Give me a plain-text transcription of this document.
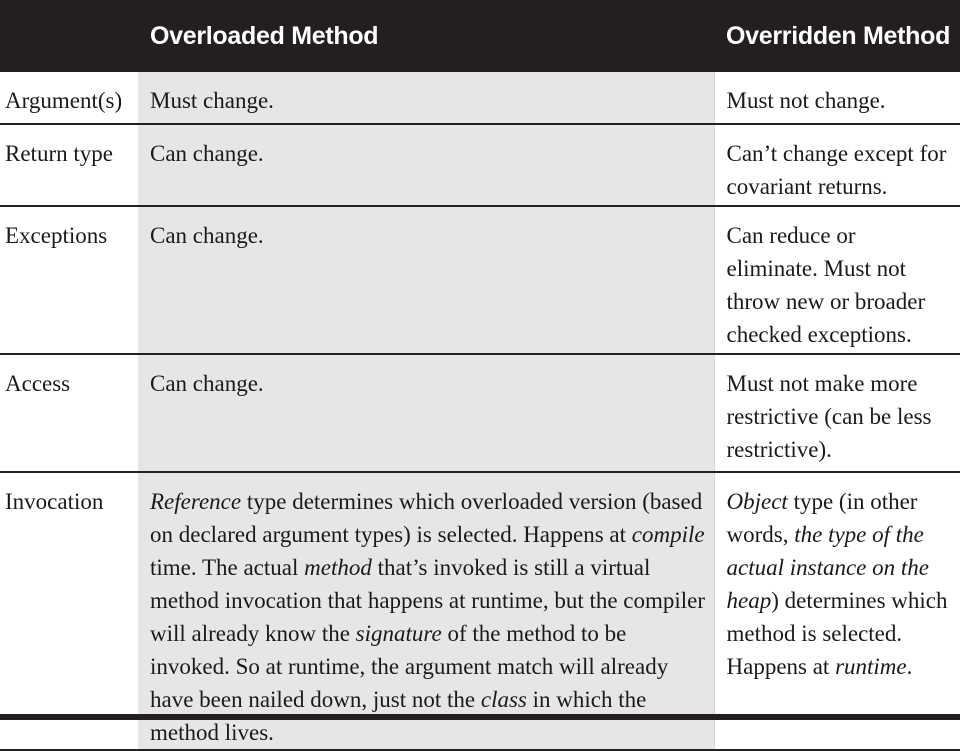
	Overloaded Method	Overridden Method
Argument(s)	Must change.	Must not change.
Return type	Can change.	Can’t change except for covariant returns.
Exceptions	Can change.	Can reduce or eliminate. Must not throw new or broader checked exceptions.
Access	Can change.	Must not make more restrictive (can be less restrictive).
Invocation	Reference type determines which overloaded version (based on declared argument types) is selected. Happens at compile time. The actual method that’s invoked is still a virtual method invocation that happens at runtime, but the compiler will already know the signature of the method to be invoked. So at runtime, the argument match will already have been nailed down, just not the class in which the method lives.	Object type (in other words, the type of the actual instance on the heap) determines which method is selected. Happens at runtime.
